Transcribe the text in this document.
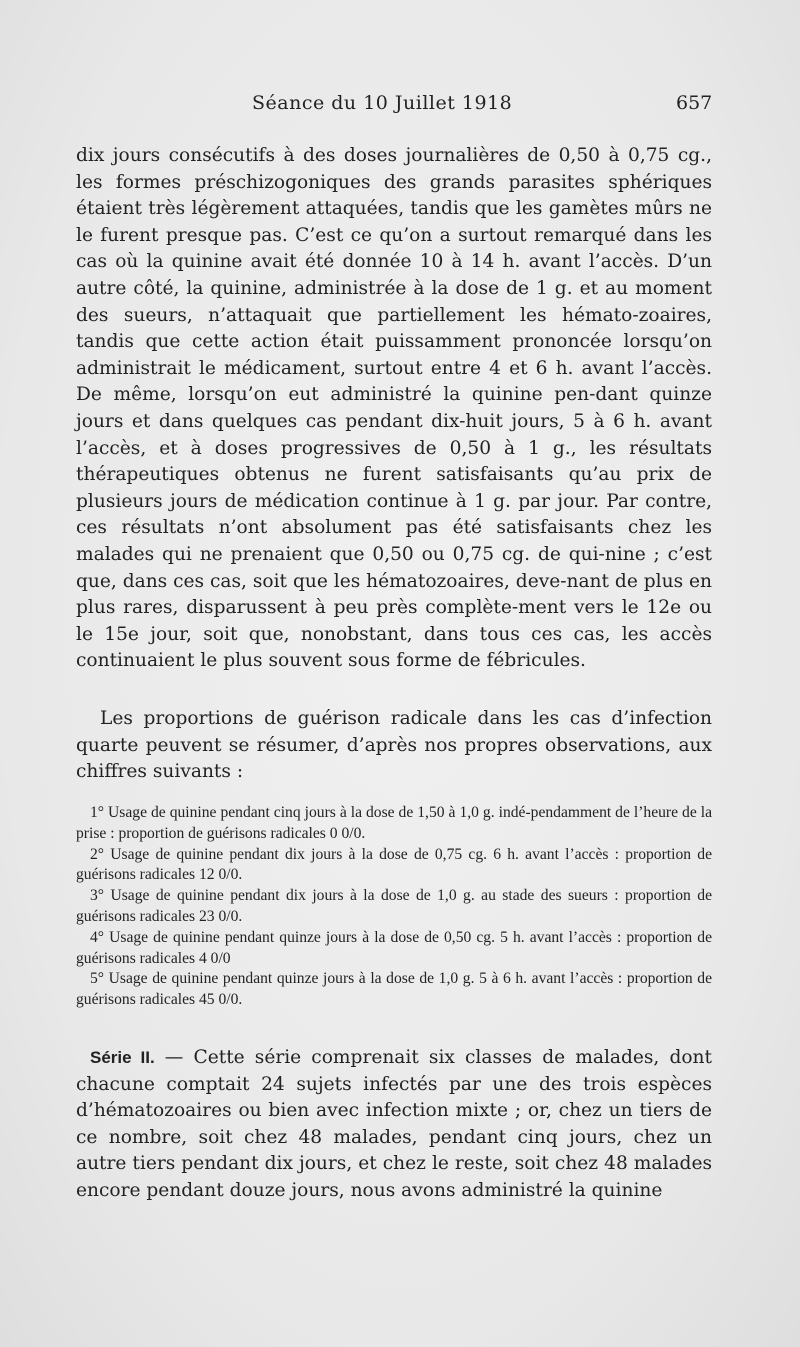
Séance du 10 Juillet 1918	657
dix jours consécutifs à des doses journalières de 0,50 à 0,75 cg., les formes préschizogoniques des grands parasites sphériques étaient très légèrement attaquées, tandis que les gamètes mûrs ne le furent presque pas. C’est ce qu’on a surtout remarqué dans les cas où la quinine avait été donnée 10 à 14 h. avant l’accès. D’un autre côté, la quinine, administrée à la dose de 1 g. et au moment des sueurs, n’attaquait que partiellement les hémato-zoaires, tandis que cette action était puissamment prononcée lorsqu’on administrait le médicament, surtout entre 4 et 6 h. avant l’accès. De même, lorsqu’on eut administré la quinine pen-dant quinze jours et dans quelques cas pendant dix-huit jours, 5 à 6 h. avant l’accès, et à doses progressives de 0,50 à 1 g., les résultats thérapeutiques obtenus ne furent satisfaisants qu’au prix de plusieurs jours de médication continue à 1 g. par jour. Par contre, ces résultats n’ont absolument pas été satisfaisants chez les malades qui ne prenaient que 0,50 ou 0,75 cg. de qui-nine ; c’est que, dans ces cas, soit que les hématozoaires, deve-nant de plus en plus rares, disparussent à peu près complète-ment vers le 12e ou le 15e jour, soit que, nonobstant, dans tous ces cas, les accès continuaient le plus souvent sous forme de fébricules.
Les proportions de guérison radicale dans les cas d’infection quarte peuvent se résumer, d’après nos propres observations, aux chiffres suivants :
1° Usage de quinine pendant cinq jours à la dose de 1,50 à 1,0 g. indé-pendamment de l’heure de la prise : proportion de guérisons radicales 0 0/0.
2° Usage de quinine pendant dix jours à la dose de 0,75 cg. 6 h. avant l’accès : proportion de guérisons radicales 12 0/0.
3° Usage de quinine pendant dix jours à la dose de 1,0 g. au stade des sueurs : proportion de guérisons radicales 23 0/0.
4° Usage de quinine pendant quinze jours à la dose de 0,50 cg. 5 h. avant l’accès : proportion de guérisons radicales 4 0/0
5° Usage de quinine pendant quinze jours à la dose de 1,0 g. 5 à 6 h. avant l’accès : proportion de guérisons radicales 45 0/0.
Série II. — Cette série comprenait six classes de malades, dont chacune comptait 24 sujets infectés par une des trois espèces d’hématozoaires ou bien avec infection mixte ; or, chez un tiers de ce nombre, soit chez 48 malades, pendant cinq jours, chez un autre tiers pendant dix jours, et chez le reste, soit chez 48 malades encore pendant douze jours, nous avons administré la quinine
